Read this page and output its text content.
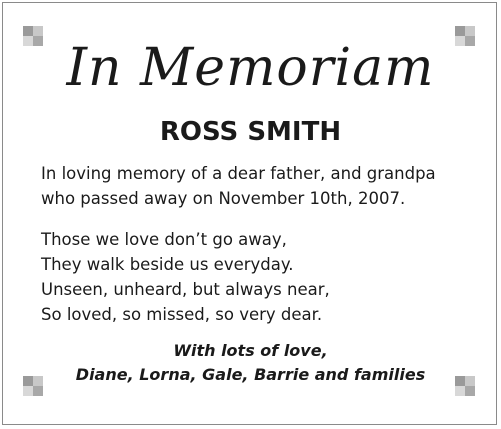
In Memoriam
ROSS SMITH
In loving memory of a dear father, and grandpa
who passed away on November 10th, 2007.
Those we love don’t go away,
They walk beside us everyday.
Unseen, unheard, but always near,
So loved, so missed, so very dear.
With lots of love,
Diane, Lorna, Gale, Barrie and families
